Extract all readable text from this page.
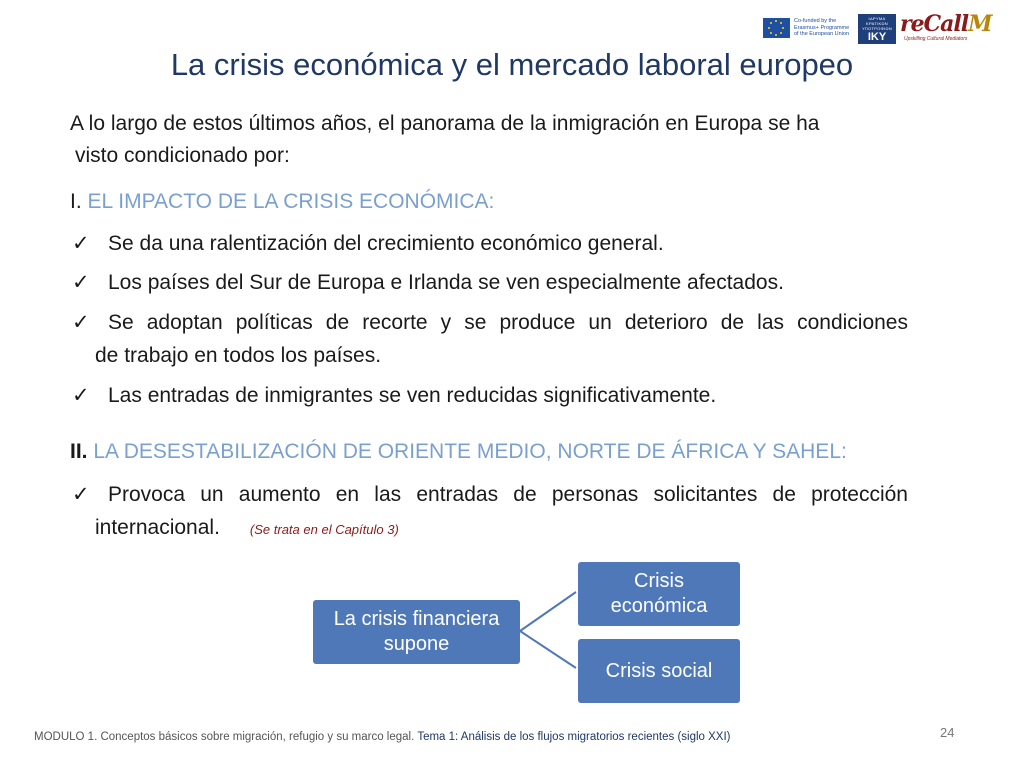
Co-funded by the Erasmus+ Programme of the European Union
ΙΔΡΥΜΑ ΚΡΑΤΙΚΩΝ ΥΠΟΤΡΟΦΙΩΝ
IKY reCallM
Upskilling Cultural Mediators
La crisis económica y el mercado laboral europeo
A lo largo de estos últimos años, el panorama de la inmigración en Europa se ha
visto condicionado por:
I. EL IMPACTO DE LA CRISIS ECONÓMICA:
✓ Se da una ralentización del crecimiento económico general.
✓ Los países del Sur de Europa e Irlanda se ven especialmente afectados.
✓ Se adoptan políticas de recorte y se produce un deterioro de las condiciones
de trabajo en todos los países.
✓ Las entradas de inmigrantes se ven reducidas significativamente.
II. LA DESESTABILIZACIÓN DE ORIENTE MEDIO, NORTE DE ÁFRICA Y SAHEL:
✓ Provoca un aumento en las entradas de personas solicitantes de protección
internacional. (Se trata en el Capítulo 3)
La crisis financiera
supone
Crisis
económica
Crisis social
MODULO 1. Conceptos básicos sobre migración, refugio y su marco legal. Tema 1: Análisis de los flujos migratorios recientes (siglo XXI)	24
